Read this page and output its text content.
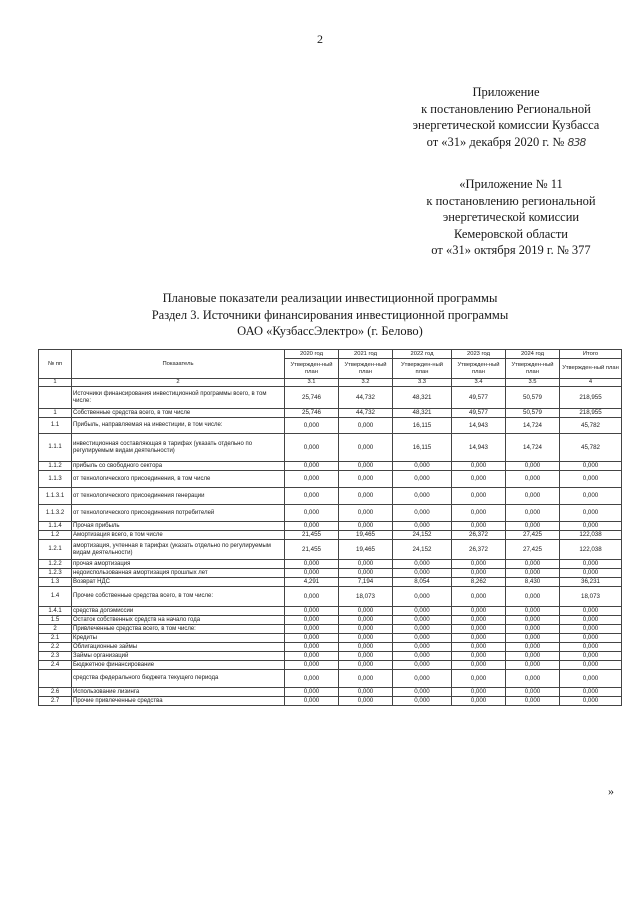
2
Приложение
к постановлению Региональной
энергетической комиссии Кузбасса
от «31» декабря 2020 г. № 838
«Приложение № 11
к постановлению региональной
энергетической комиссии
Кемеровской области
от «31» октября 2019 г. № 377
Плановые показатели реализации инвестиционной программы
Раздел 3. Источники финансирования инвестиционной программы
ОАО «КузбассЭлектро» (г. Белово)
№ пп	Показатель	2020 год	2021 год	2022 год	2023 год	2024 год	Итого
		Утвержден-ный план	Утвержден-ный план	Утвержден-ный план	Утвержден-ный план	Утвержден-ный план	Утвержден-ный план
1	2	3.1	3.2	3.3	3.4	3.5	4
	Источники финансирования инвестиционной программы всего, в том числе:	25,746	44,732	48,321	49,577	50,579	218,955
1	Собственные средства всего, в том числе	25,746	44,732	48,321	49,577	50,579	218,955
1.1	Прибыль, направляемая на инвестиции, в том числе:	0,000	0,000	16,115	14,943	14,724	45,782
1.1.1	инвестиционная составляющая в тарифах (указать отдельно по регулируемым видам деятельности)	0,000	0,000	16,115	14,943	14,724	45,782
1.1.2	прибыль со свободного сектора	0,000	0,000	0,000	0,000	0,000	0,000
1.1.3	от технологического присоединения, в том числе	0,000	0,000	0,000	0,000	0,000	0,000
1.1.3.1	от технологического присоединения генерации	0,000	0,000	0,000	0,000	0,000	0,000
1.1.3.2	от технологического присоединения потребителей	0,000	0,000	0,000	0,000	0,000	0,000
1.1.4	Прочая прибыль	0,000	0,000	0,000	0,000	0,000	0,000
1.2	Амортизация всего, в том числе	21,455	19,465	24,152	26,372	27,425	122,038
1.2.1	амортизация, учтенная в тарифах (указать отдельно по регулируемым видам деятельности)	21,455	19,465	24,152	26,372	27,425	122,038
1.2.2	прочая амортизация	0,000	0,000	0,000	0,000	0,000	0,000
1.2.3	недоиспользованная амортизация прошлых лет	0,000	0,000	0,000	0,000	0,000	0,000
1.3	Возврат НДС	4,291	7,194	8,054	8,262	8,430	36,231
1.4	Прочие собственные средства всего, в том числе:	0,000	18,073	0,000	0,000	0,000	18,073
1.4.1	средства допэмиссии	0,000	0,000	0,000	0,000	0,000	0,000
1.5	Остаток собственных средств на начало года	0,000	0,000	0,000	0,000	0,000	0,000
2	Привлеченные средства всего, в том числе:	0,000	0,000	0,000	0,000	0,000	0,000
2.1	Кредиты	0,000	0,000	0,000	0,000	0,000	0,000
2.2	Облигационные займы	0,000	0,000	0,000	0,000	0,000	0,000
2.3	Займы организаций	0,000	0,000	0,000	0,000	0,000	0,000
2.4	Бюджетное финансирование	0,000	0,000	0,000	0,000	0,000	0,000
	средства федерального бюджета текущего периода	0,000	0,000	0,000	0,000	0,000	0,000
2.6	Использование лизинга	0,000	0,000	0,000	0,000	0,000	0,000
2.7	Прочие привлеченные средства	0,000	0,000	0,000	0,000	0,000	0,000
»
